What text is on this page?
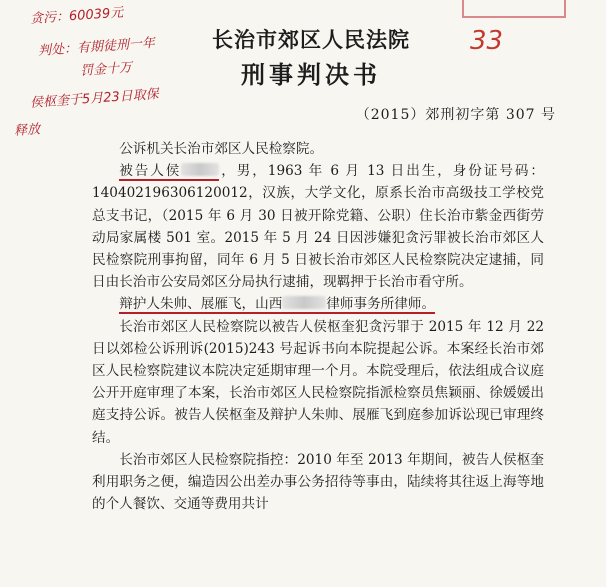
贪污：60039元
判处：有期徒刑一年
罚金十万
侯枢奎于5月23日取保
释放
33
长治市郊区人民法院
刑事判决书
（2015）郊刑初字第 307 号

公诉机关长治市郊区人民检察院。

被告人侯	，男，1963 年 6 月 13 日出生，身份证号码：140402196306120012，汉族，大学文化，原系长治市高级技工学校党总支书记，（2015 年 6 月 30 日被开除党籍、公职）住长治市紫金西街劳动局家属楼 501 室。2015 年 5 月 24 日因涉嫌犯贪污罪被长治市郊区人民检察院刑事拘留，同年 6 月 5 日被长治市郊区人民检察院决定逮捕，同日由长治市公安局郊区分局执行逮捕，现羁押于长治市看守所。

辩护人朱帅、展雁飞，山西	律师事务所律师。

长治市郊区人民检察院以被告人侯枢奎犯贪污罪于 2015 年 12 月 22 日以郊检公诉刑诉(2015)243 号起诉书向本院提起公诉。本案经长治市郊区人民检察院建议本院决定延期审理一个月。本院受理后，依法组成合议庭公开开庭审理了本案，长治市郊区人民检察院指派检察员焦颖丽、徐媛媛出庭支持公诉。被告人侯枢奎及辩护人朱帅、展雁飞到庭参加诉讼现已审理终结。

长治市郊区人民检察院指控：2010 年至 2013 年期间，被告人侯枢奎利用职务之便，编造因公出差办事公务招待等事由，陆续将其往返上海等地的个人餐饮、交通等费用共计
